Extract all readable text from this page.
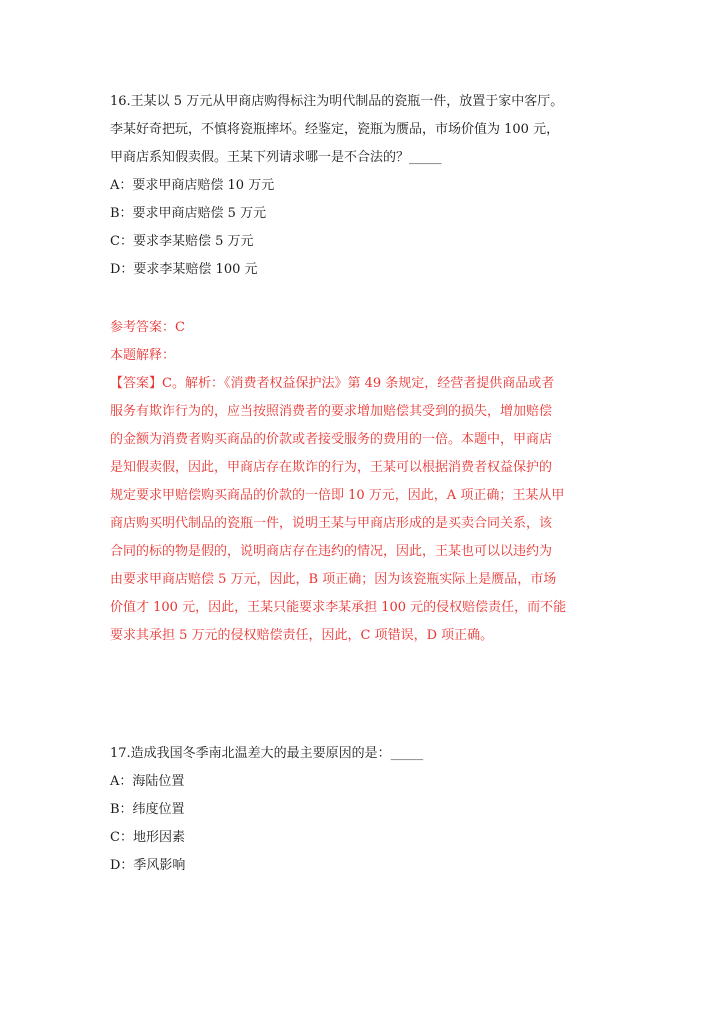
16.王某以 5 万元从甲商店购得标注为明代制品的瓷瓶一件，放置于家中客厅。
李某好奇把玩，不慎将瓷瓶摔坏。经鉴定，瓷瓶为赝品，市场价值为 100 元，
甲商店系知假卖假。王某下列请求哪一是不合法的？_____
A：要求甲商店赔偿 10 万元
B：要求甲商店赔偿 5 万元
C：要求李某赔偿 5 万元
D：要求李某赔偿 100 元
参考答案：C
本题解释：
【答案】C。解析：《消费者权益保护法》第 49 条规定，经营者提供商品或者
服务有欺诈行为的，应当按照消费者的要求增加赔偿其受到的损失，增加赔偿
的金额为消费者购买商品的价款或者接受服务的费用的一倍。本题中，甲商店
是知假卖假，因此，甲商店存在欺诈的行为，王某可以根据消费者权益保护的
规定要求甲赔偿购买商品的价款的一倍即 10 万元，因此，A 项正确；王某从甲
商店购买明代制品的瓷瓶一件，说明王某与甲商店形成的是买卖合同关系，该
合同的标的物是假的，说明商店存在违约的情况，因此，王某也可以以违约为
由要求甲商店赔偿 5 万元，因此，B 项正确；因为该瓷瓶实际上是赝品，市场
价值才 100 元，因此，王某只能要求李某承担 100 元的侵权赔偿责任，而不能
要求其承担 5 万元的侵权赔偿责任，因此，C 项错误，D 项正确。
17.造成我国冬季南北温差大的最主要原因的是：_____
A：海陆位置
B：纬度位置
C：地形因素
D：季风影响
